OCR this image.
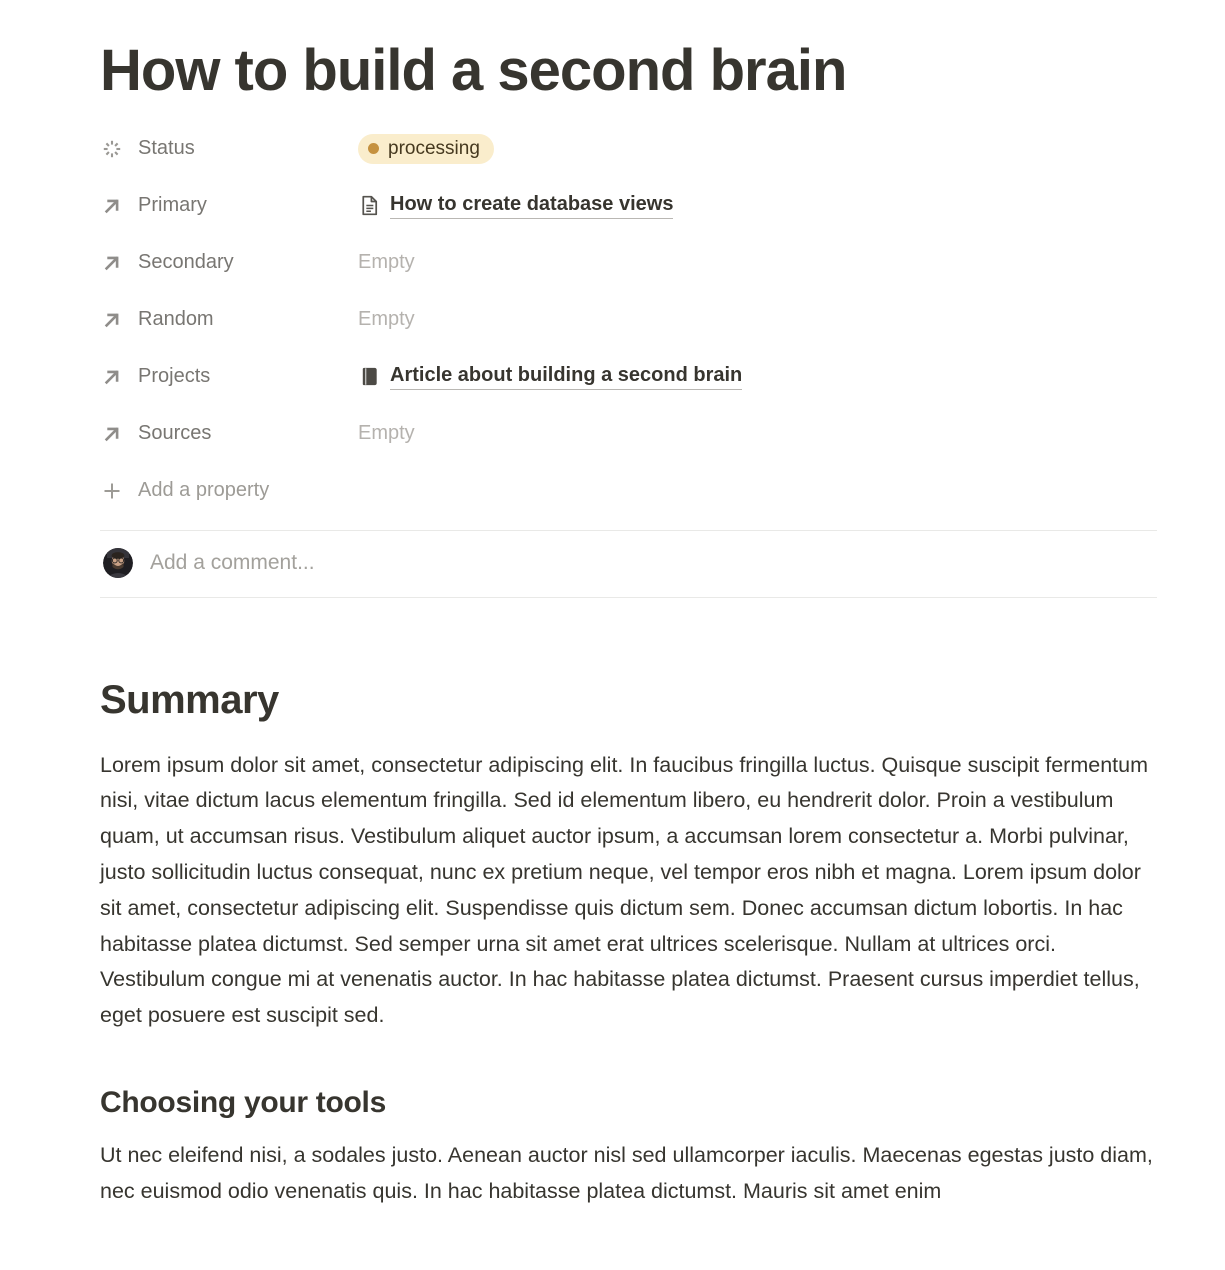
How to build a second brain
Status	processing
Primary	How to create database views
Secondary	Empty
Random	Empty
Projects	Article about building a second brain
Sources	Empty
Add a property
Add a comment...
Summary

Lorem ipsum dolor sit amet, consectetur adipiscing elit. In faucibus fringilla luctus. Quisque suscipit fermentum nisi, vitae dictum lacus elementum fringilla. Sed id elementum libero, eu hendrerit dolor. Proin a vestibulum quam, ut accumsan risus. Vestibulum aliquet auctor ipsum, a accumsan lorem consectetur a. Morbi pulvinar, justo sollicitudin luctus consequat, nunc ex pretium neque, vel tempor eros nibh et magna. Lorem ipsum dolor sit amet, consectetur adipiscing elit. Suspendisse quis dictum sem. Donec accumsan dictum lobortis. In hac habitasse platea dictumst. Sed semper urna sit amet erat ultrices scelerisque. Nullam at ultrices orci. Vestibulum congue mi at venenatis auctor. In hac habitasse platea dictumst. Praesent cursus imperdiet tellus, eget posuere est suscipit sed.

Choosing your tools

Ut nec eleifend nisi, a sodales justo. Aenean auctor nisl sed ullamcorper iaculis. Maecenas egestas justo diam, nec euismod odio venenatis quis. In hac habitasse platea dictumst. Mauris sit amet enim
